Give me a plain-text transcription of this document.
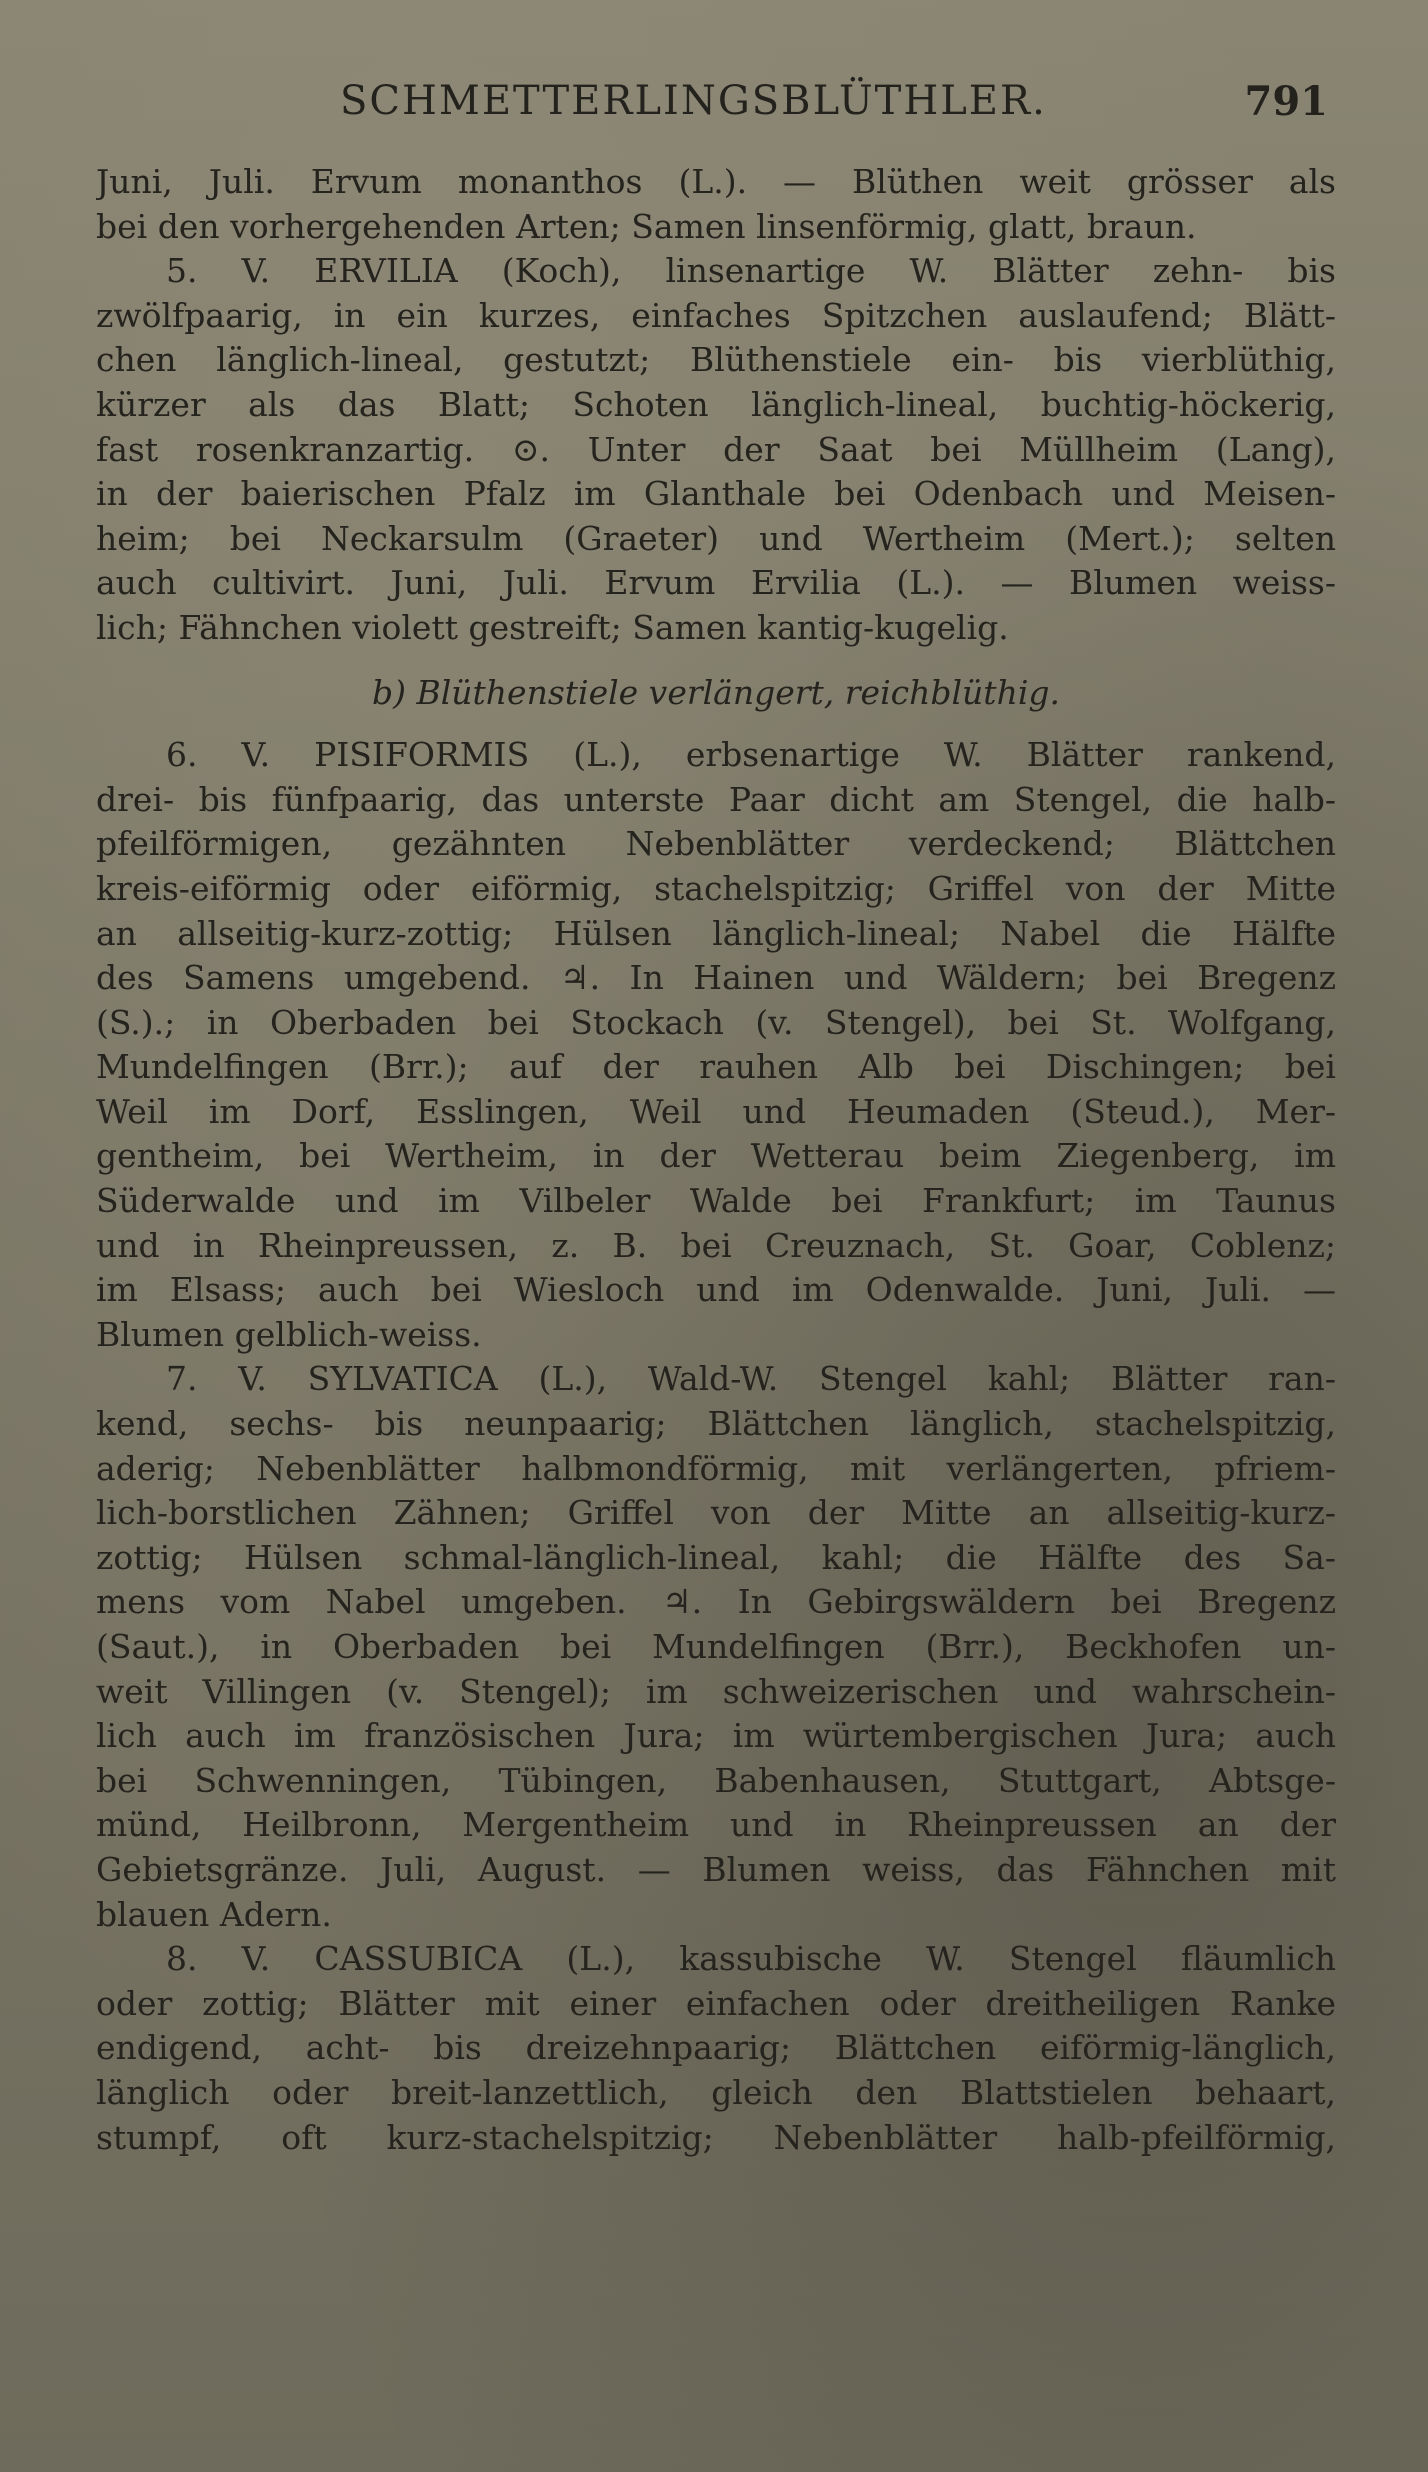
SCHMETTERLINGSBLÜTHLER.	791
Juni, Juli. Ervum monanthos (L.). — Blüthen weit grösser als
bei den vorhergehenden Arten; Samen linsenförmig, glatt, braun.
5. V. ERVILIA (Koch), linsenartige W. Blätter zehn- bis
zwölfpaarig, in ein kurzes, einfaches Spitzchen auslaufend; Blätt-
chen länglich-lineal, gestutzt; Blüthenstiele ein- bis vierblüthig,
kürzer als das Blatt; Schoten länglich-lineal, buchtig-höckerig,
fast rosenkranzartig. ⊙. Unter der Saat bei Müllheim (Lang),
in der baierischen Pfalz im Glanthale bei Odenbach und Meisen-
heim; bei Neckarsulm (Graeter) und Wertheim (Mert.); selten
auch cultivirt. Juni, Juli. Ervum Ervilia (L.). — Blumen weiss-
lich; Fähnchen violett gestreift; Samen kantig-kugelig.
b) Blüthenstiele verlängert, reichblüthig.
6. V. PISIFORMIS (L.), erbsenartige W. Blätter rankend,
drei- bis fünfpaarig, das unterste Paar dicht am Stengel, die halb-
pfeilförmigen, gezähnten Nebenblätter verdeckend; Blättchen
kreis-eiförmig oder eiförmig, stachelspitzig; Griffel von der Mitte
an allseitig-kurz-zottig; Hülsen länglich-lineal; Nabel die Hälfte
des Samens umgebend. ♃. In Hainen und Wäldern; bei Bregenz
(S.).; in Oberbaden bei Stockach (v. Stengel), bei St. Wolfgang,
Mundelfingen (Brr.); auf der rauhen Alb bei Dischingen; bei
Weil im Dorf, Esslingen, Weil und Heumaden (Steud.), Mer-
gentheim, bei Wertheim, in der Wetterau beim Ziegenberg, im
Süderwalde und im Vilbeler Walde bei Frankfurt; im Taunus
und in Rheinpreussen, z. B. bei Creuznach, St. Goar, Coblenz;
im Elsass; auch bei Wiesloch und im Odenwalde. Juni, Juli. —
Blumen gelblich-weiss.
7. V. SYLVATICA (L.), Wald-W. Stengel kahl; Blätter ran-
kend, sechs- bis neunpaarig; Blättchen länglich, stachelspitzig,
aderig; Nebenblätter halbmondförmig, mit verlängerten, pfriem-
lich-borstlichen Zähnen; Griffel von der Mitte an allseitig-kurz-
zottig; Hülsen schmal-länglich-lineal, kahl; die Hälfte des Sa-
mens vom Nabel umgeben. ♃. In Gebirgswäldern bei Bregenz
(Saut.), in Oberbaden bei Mundelfingen (Brr.), Beckhofen un-
weit Villingen (v. Stengel); im schweizerischen und wahrschein-
lich auch im französischen Jura; im würtembergischen Jura; auch
bei Schwenningen, Tübingen, Babenhausen, Stuttgart, Abtsge-
münd, Heilbronn, Mergentheim und in Rheinpreussen an der
Gebietsgränze. Juli, August. — Blumen weiss, das Fähnchen mit
blauen Adern.
8. V. CASSUBICA (L.), kassubische W. Stengel fläumlich
oder zottig; Blätter mit einer einfachen oder dreitheiligen Ranke
endigend, acht- bis dreizehnpaarig; Blättchen eiförmig-länglich,
länglich oder breit-lanzettlich, gleich den Blattstielen behaart,
stumpf, oft kurz-stachelspitzig; Nebenblätter halb-pfeilförmig,
